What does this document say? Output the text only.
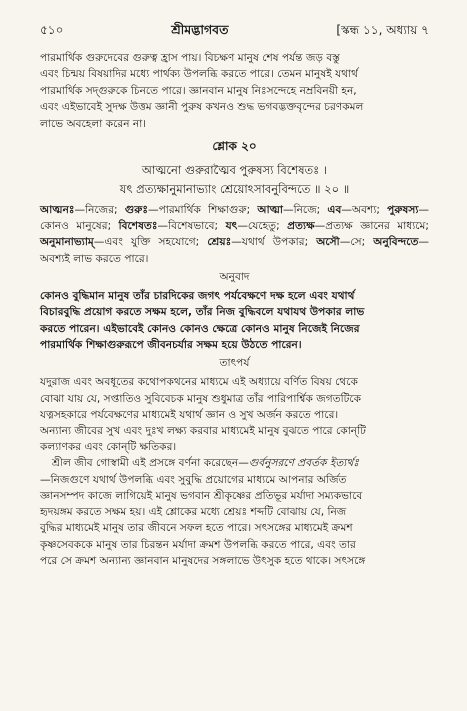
৫১০	শ্রীমদ্ভাগবত	[স্কন্ধ ১১, অধ্যায় ৭
পারমার্থিক গুরুদেবের গুরুত্ব হ্রাস পায়। বিচক্ষণ মানুষ শেষ পর্যন্ত জড় বস্তু
এবং চিন্ময় বিষয়াদির মধ্যে পার্থক্য উপলব্ধি করতে পারে। তেমন মানুষই যথার্থ
পারমার্থিক সদ্গুরুকে চিনতে পারে। জ্ঞানবান মানুষ নিঃসন্দেহে নম্রবিনয়ী হন,
এবং এইভাবেই সুদক্ষ উত্তম জ্ঞানী পুরুষ কখনও শুদ্ধ ভগবদ্ভক্তবৃন্দের চরণকমল
লাভে অবহেলা করেন না।
শ্লোক ২০
আত্মনো গুরুরাত্মৈব পুরুষস্য বিশেষতঃ ।
যৎ প্রত্যক্ষানুমানাভ্যাং শ্রেয়োঽসাবনুবিন্দতে ॥ ২০ ॥
আত্মনঃ—নিজের; গুরুঃ—পারমার্থিক শিক্ষাগুরু; আত্মা—নিজে; এব—অবশ্য; পুরুষস্য—কোনও মানুষের; বিশেষতঃ—বিশেষভাবে; যৎ—যেহেতু; প্রত্যক্ষ—প্রত্যক্ষ জ্ঞানের মাধ্যমে; অনুমানাভ্যাম্—এবং যুক্তি সহযোগে; শ্রেয়ঃ—যথার্থ উপকার; অসৌ—সে; অনুবিন্দতে—অবশ্যই লাভ করতে পারে।
অনুবাদ
কোনও বুদ্ধিমান মানুষ তাঁর চারদিকের জগৎ পর্যবেক্ষণে দক্ষ হলে এবং যথার্থ
বিচারবুদ্ধি প্রয়োগ করতে সক্ষম হলে, তাঁর নিজ বুদ্ধিবলে যথাযথ উপকার লাভ
করতে পারেন। এইভাবেই কোনও কোনও ক্ষেত্রে কোনও মানুষ নিজেই নিজের
পারমার্থিক শিক্ষাগুরুরূপে জীবনচর্যার সক্ষম হয়ে উঠতে পারেন।
তাৎপর্য
যদুরাজ এবং অবধূতের কথোপকথনের মাধ্যমে এই অধ্যায়ে বর্ণিত বিষয় থেকে
বোঝা যায় যে, সপ্তাতিও সুবিবেচক মানুষ শুধুমাত্র তাঁর পারিপার্শ্বিক জগতটিকে
যত্নসহকারে পর্যবেক্ষণের মাধ্যমেই যথার্থ জ্ঞান ও সুখ অর্জন করতে পারে।
অন্যান্য জীবের সুখ এবং দুঃখ লক্ষ্য করবার মাধ্যমেই মানুষ বুঝতে পারে কোন্‌টি
কল্যাণকর এবং কোন্‌টি ক্ষতিকর।
শ্রীল জীব গোস্বামী এই প্রসঙ্গে বর্ণনা করেছেন—গুর্বনুসরণে প্রবর্তক ইত্যর্থঃ
—নিজগুণে যথার্থ উপলব্ধি এবং সুবুদ্ধি প্রয়োগের মাধ্যমে আপনার অর্জিত
জ্ঞানসম্পদ কাজে লাগিয়েই মানুষ ভগবান শ্রীকৃষ্ণের প্রতিভূর মর্যাদা সম্যকভাবে
হৃদয়ঙ্গম করতে সক্ষম হয়। এই শ্লোকের মধ্যে শ্রেয়ঃ শব্দটি বোঝায় যে, নিজ
বুদ্ধির মাধ্যমেই মানুষ তার জীবনে সফল হতে পারে। সৎসঙ্গের মাধ্যমেই ক্রমশ
কৃষ্ণসেবককে মানুষ তার চিরন্তন মর্যাদা ক্রমশ উপলব্ধি করতে পারে, এবং তার
পরে সে ক্রমশ অন্যান্য জ্ঞানবান মানুষদের সঙ্গলাভে উৎসুক হতে থাকে। সৎসঙ্গে
